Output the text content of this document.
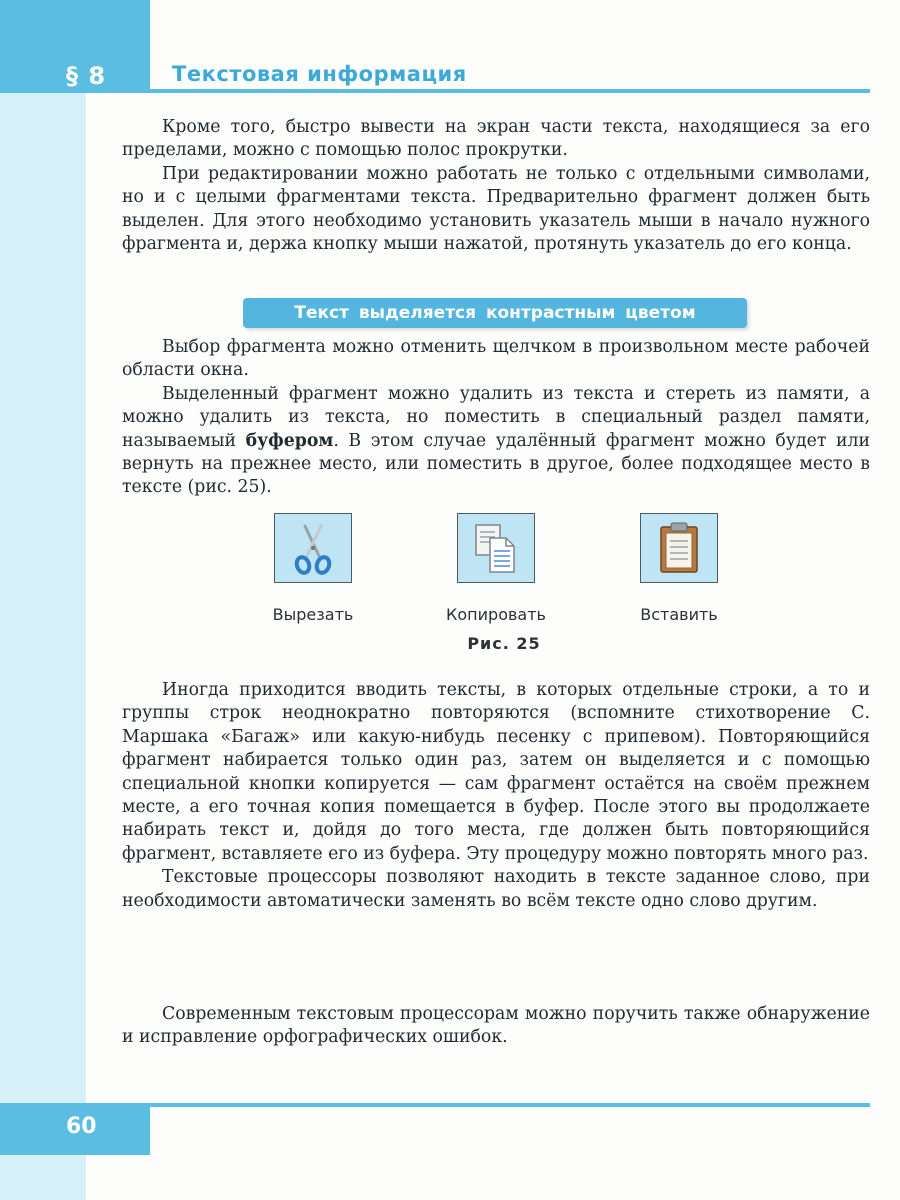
§ 8	Текстовая информация

Кроме того, быстро вывести на экран части текста, находящиеся за его пределами, можно с помощью полос прокрутки.

При редактировании можно работать не только с отдельными символами, но и с целыми фрагментами текста. Предварительно фрагмент должен быть выделен. Для этого необходимо установить указатель мыши в начало нужного фрагмента и, держа кнопку мыши нажатой, протянуть указатель до его конца.

Текст выделяется контрастным цветом

Выбор фрагмента можно отменить щелчком в произвольном месте рабочей области окна.

Выделенный фрагмент можно удалить из текста и стереть из памяти, а можно удалить из текста, но поместить в специальный раздел памяти, называемый буфером. В этом случае удалённый фрагмент можно будет или вернуть на прежнее место, или поместить в другое, более подходящее место в тексте (рис. 25).

Вырезать	Копировать	Вставить
Рис. 25

Иногда приходится вводить тексты, в которых отдельные строки, а то и группы строк неоднократно повторяются (вспомните стихотворение С. Маршака «Багаж» или какую-нибудь песенку с припевом). Повторяющийся фрагмент набирается только один раз, затем он выделяется и с помощью специальной кнопки копируется — сам фрагмент остаётся на своём прежнем месте, а его точная копия помещается в буфер. После этого вы продолжаете набирать текст и, дойдя до того места, где должен быть повторяющийся фрагмент, вставляете его из буфера. Эту процедуру можно повторять много раз.

Текстовые процессоры позволяют находить в тексте заданное слово, при необходимости автоматически заменять во всём тексте одно слово другим.

Современным текстовым процессорам можно поручить также обнаружение и исправление орфографических ошибок.

60
